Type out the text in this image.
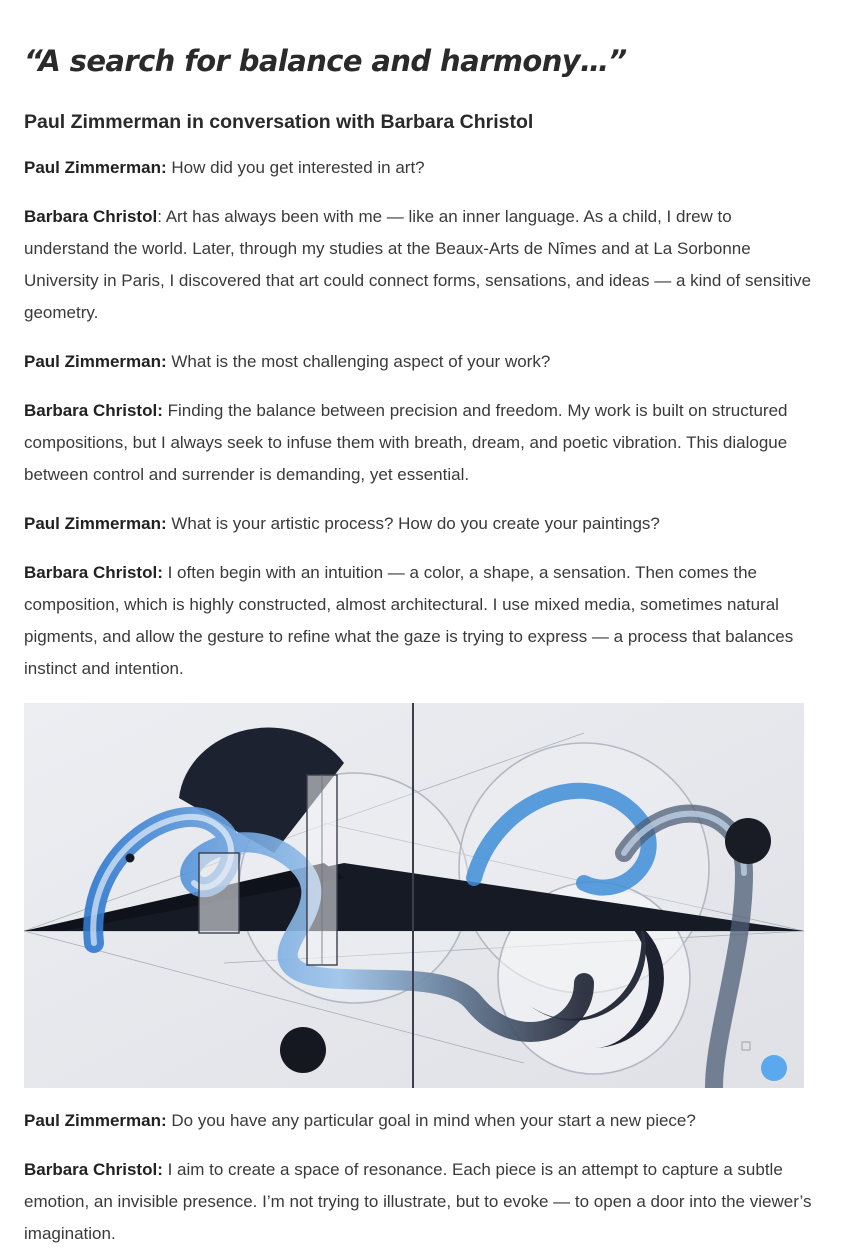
“A search for balance and harmony…”
Paul Zimmerman in conversation with Barbara Christol

Paul Zimmerman: How did you get interested in art?

Barbara Christol: Art has always been with me — like an inner language. As a child, I drew to understand the world. Later, through my studies at the Beaux-Arts de Nîmes and at La Sorbonne University in Paris, I discovered that art could connect forms, sensations, and ideas — a kind of sensitive geometry.

Paul Zimmerman: What is the most challenging aspect of your work?

Barbara Christol: Finding the balance between precision and freedom. My work is built on structured compositions, but I always seek to infuse them with breath, dream, and poetic vibration. This dialogue between control and surrender is demanding, yet essential.

Paul Zimmerman: What is your artistic process? How do you create your paintings?

Barbara Christol: I often begin with an intuition — a color, a shape, a sensation. Then comes the composition, which is highly constructed, almost architectural. I use mixed media, sometimes natural pigments, and allow the gesture to refine what the gaze is trying to express — a process that balances instinct and intention.

Paul Zimmerman: Do you have any particular goal in mind when your start a new piece?

Barbara Christol: I aim to create a space of resonance. Each piece is an attempt to capture a subtle emotion, an invisible presence. I’m not trying to illustrate, but to evoke — to open a door into the viewer’s imagination.
